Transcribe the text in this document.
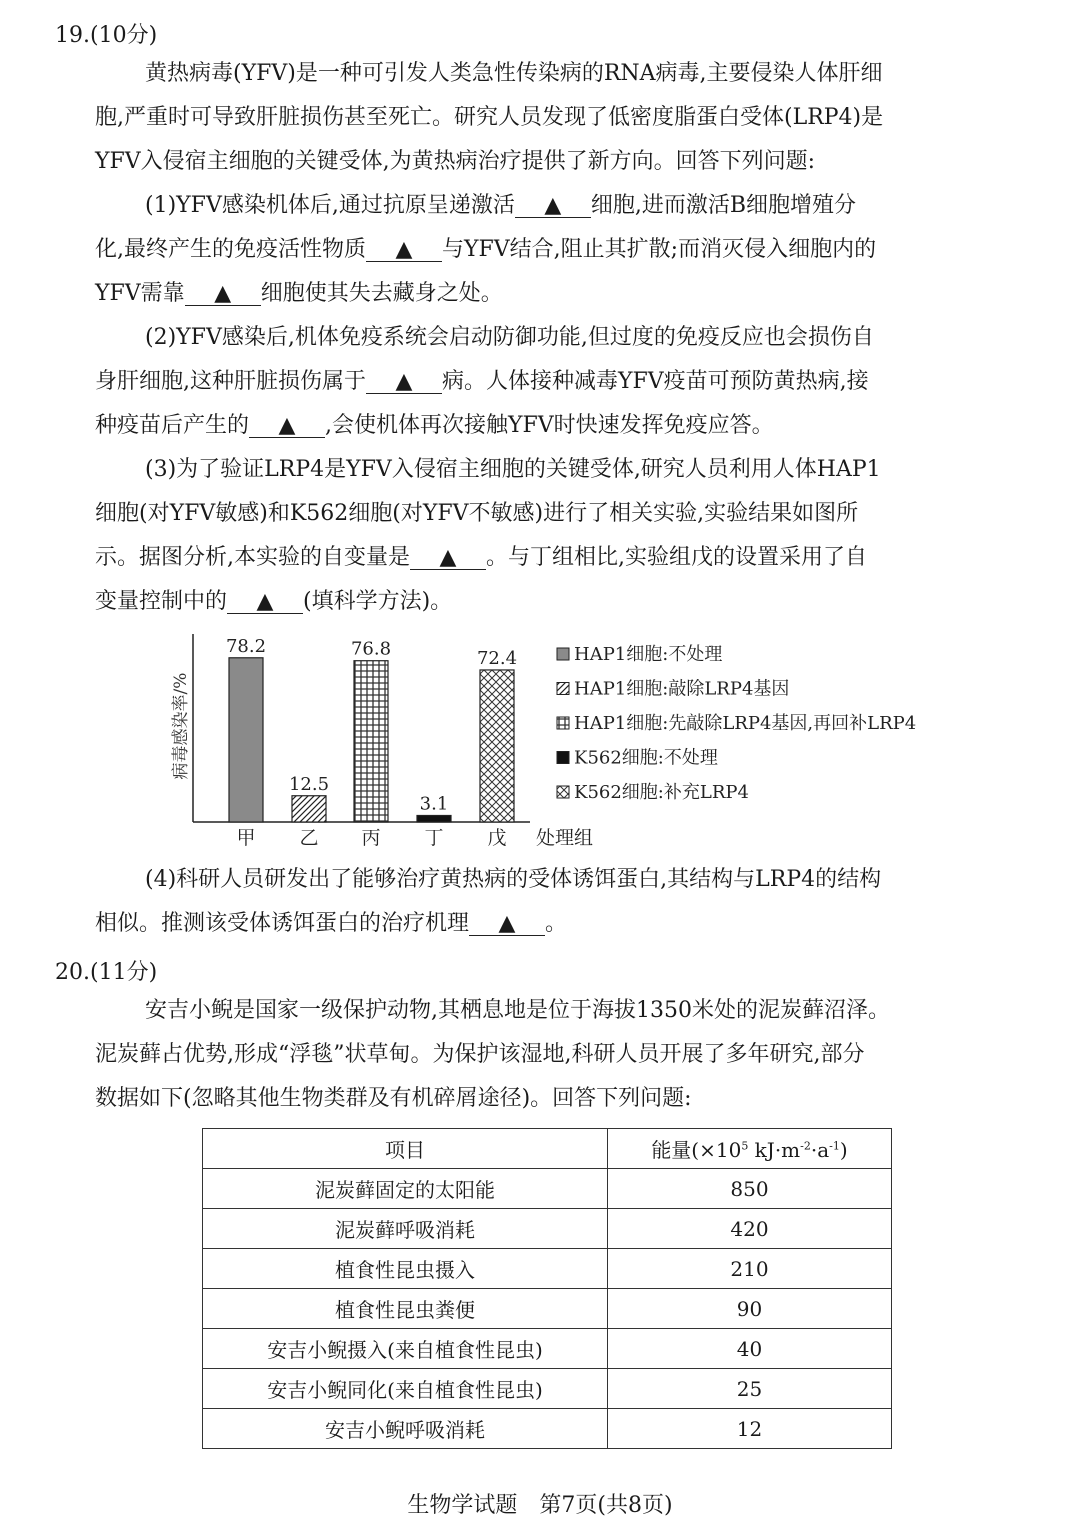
19.(10分)
黄热病毒(YFV)是一种可引发人类急性传染病的RNA病毒,主要侵染人体肝细
胞,严重时可导致肝脏损伤甚至死亡。研究人员发现了低密度脂蛋白受体(LRP4)是
YFV入侵宿主细胞的关键受体,为黄热病治疗提供了新方向。回答下列问题:
(1)YFV感染机体后,通过抗原呈递激活 ▲ 细胞,进而激活B细胞增殖分
化,最终产生的免疫活性物质 ▲ 与YFV结合,阻止其扩散;而消灭侵入细胞内的
YFV需靠 ▲ 细胞使其失去藏身之处。
(2)YFV感染后,机体免疫系统会启动防御功能,但过度的免疫反应也会损伤自
身肝细胞,这种肝脏损伤属于 ▲ 病。人体接种减毒YFV疫苗可预防黄热病,接
种疫苗后产生的 ▲ ,会使机体再次接触YFV时快速发挥免疫应答。
(3)为了验证LRP4是YFV入侵宿主细胞的关键受体,研究人员利用人体HAP1
细胞(对YFV敏感)和K562细胞(对YFV不敏感)进行了相关实验,实验结果如图所
示。据图分析,本实验的自变量是 ▲ 。与丁组相比,实验组戊的设置采用了自
变量控制中的 ▲ (填科学方法)。
病毒感染率/%
处理组
78.2
甲
12.5
乙
76.8
丙
3.1
丁
72.4
戊
HAP1细胞:不处理
HAP1细胞:敲除LRP4基因
HAP1细胞:先敲除LRP4基因,再回补LRP4
K562细胞:不处理
K562细胞:补充LRP4
(4)科研人员研发出了能够治疗黄热病的受体诱饵蛋白,其结构与LRP4的结构
相似。推测该受体诱饵蛋白的治疗机理 ▲ 。
20.(11分)
安吉小鲵是国家一级保护动物,其栖息地是位于海拔1350米处的泥炭藓沼泽。
泥炭藓占优势,形成“浮毯”状草甸。为保护该湿地,科研人员开展了多年研究,部分
数据如下(忽略其他生物类群及有机碎屑途径)。回答下列问题:
项目	能量($\times 10^5$ $kJ\cdot m^{-2}\cdot a^{-1}$)
泥炭藓固定的太阳能	850
泥炭藓呼吸消耗	420
植食性昆虫摄入	210
植食性昆虫粪便	90
安吉小鲵摄入(来自植食性昆虫)	40
安吉小鲵同化(来自植食性昆虫)	25
安吉小鲵呼吸消耗	12
生物学试题　第7页(共8页)
